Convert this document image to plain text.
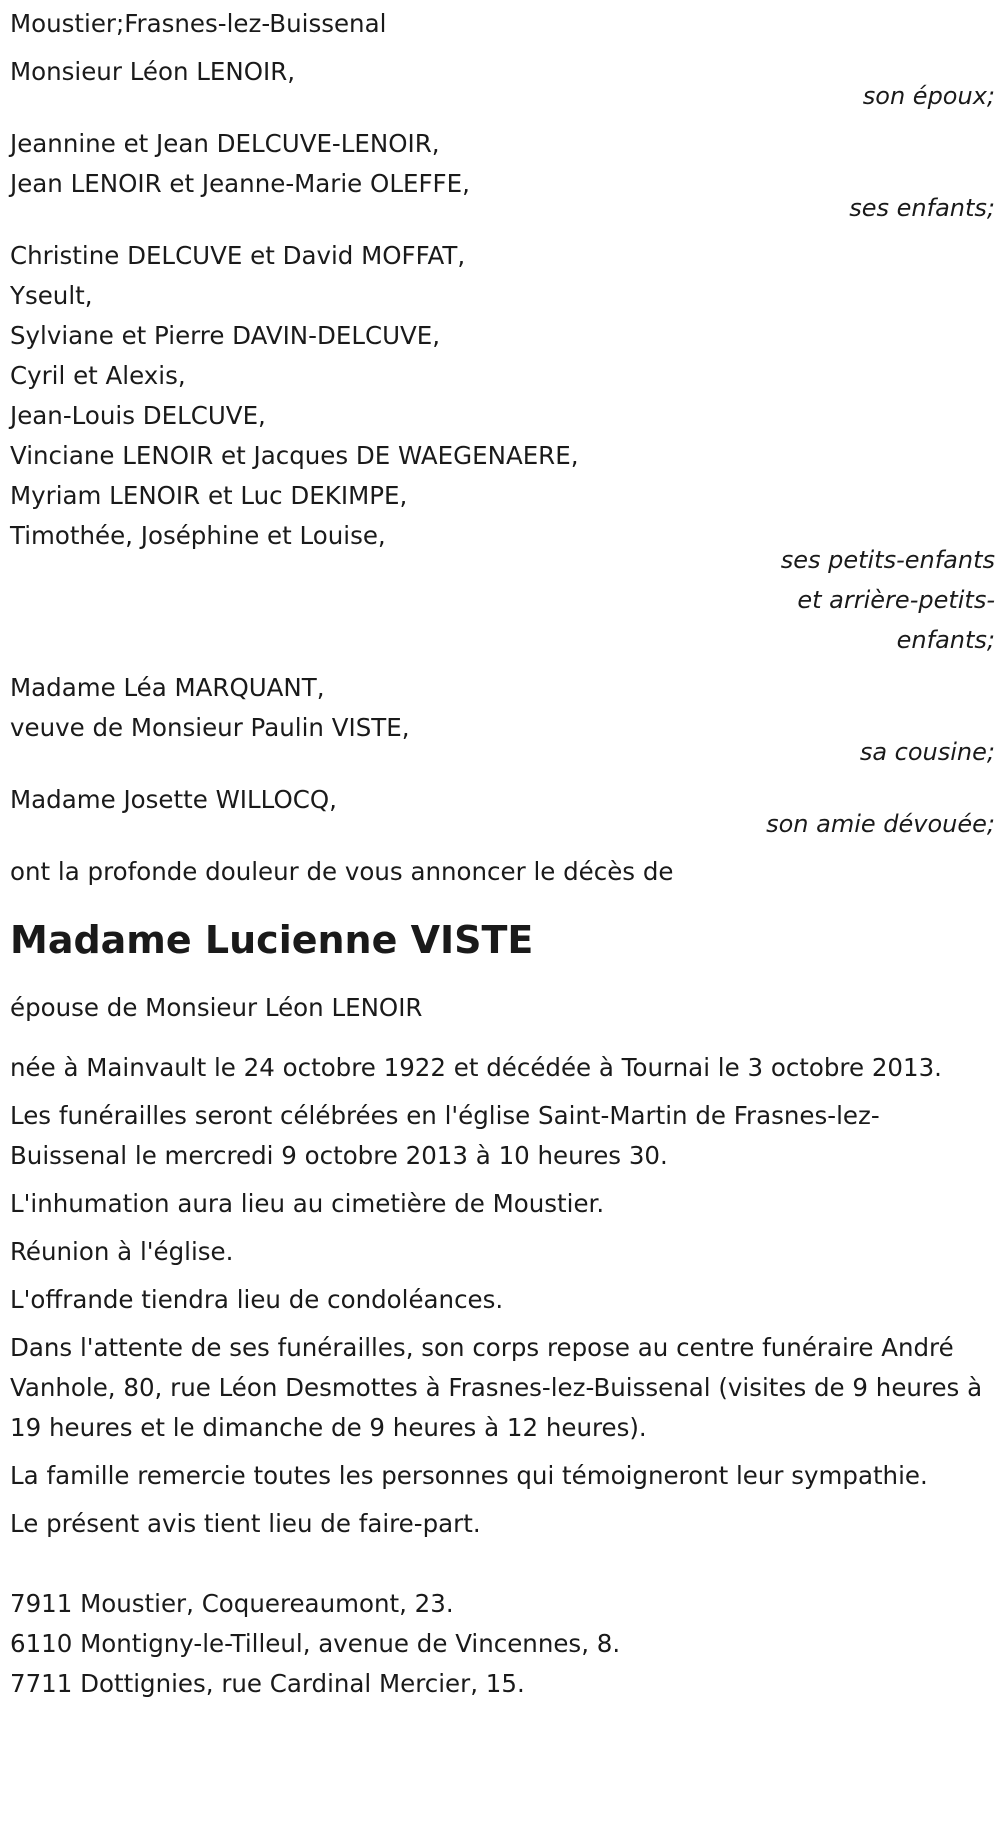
Moustier;Frasnes-lez-Buissenal
Monsieur Léon LENOIR,
son époux;
Jeannine et Jean DELCUVE-LENOIR,
Jean LENOIR et Jeanne-Marie OLEFFE,
ses enfants;
Christine DELCUVE et David MOFFAT,
Yseult,
Sylviane et Pierre DAVIN-DELCUVE,
Cyril et Alexis,
Jean-Louis DELCUVE,
Vinciane LENOIR et Jacques DE WAEGENAERE,
Myriam LENOIR et Luc DEKIMPE,
Timothée, Joséphine et Louise,
ses petits-enfants
et arrière-petits-
enfants;
Madame Léa MARQUANT,
veuve de Monsieur Paulin VISTE,
sa cousine;
Madame Josette WILLOCQ,
son amie dévouée;
ont la profonde douleur de vous annoncer le décès de
Madame Lucienne VISTE
épouse de Monsieur Léon LENOIR

née à Mainvault le 24 octobre 1922 et décédée à Tournai le 3 octobre 2013.

Les funérailles seront célébrées en l'église Saint-Martin de Frasnes-lez-Buissenal le mercredi 9 octobre 2013 à 10 heures 30.

L'inhumation aura lieu au cimetière de Moustier.

Réunion à l'église.

L'offrande tiendra lieu de condoléances.

Dans l'attente de ses funérailles, son corps repose au centre funéraire André Vanhole, 80, rue Léon Desmottes à Frasnes-lez-Buissenal (visites de 9 heures à 19 heures et le dimanche de 9 heures à 12 heures).

La famille remercie toutes les personnes qui témoigneront leur sympathie.

Le présent avis tient lieu de faire-part.

7911 Moustier, Coquereaumont, 23.
6110 Montigny-le-Tilleul, avenue de Vincennes, 8.
7711 Dottignies, rue Cardinal Mercier, 15.
